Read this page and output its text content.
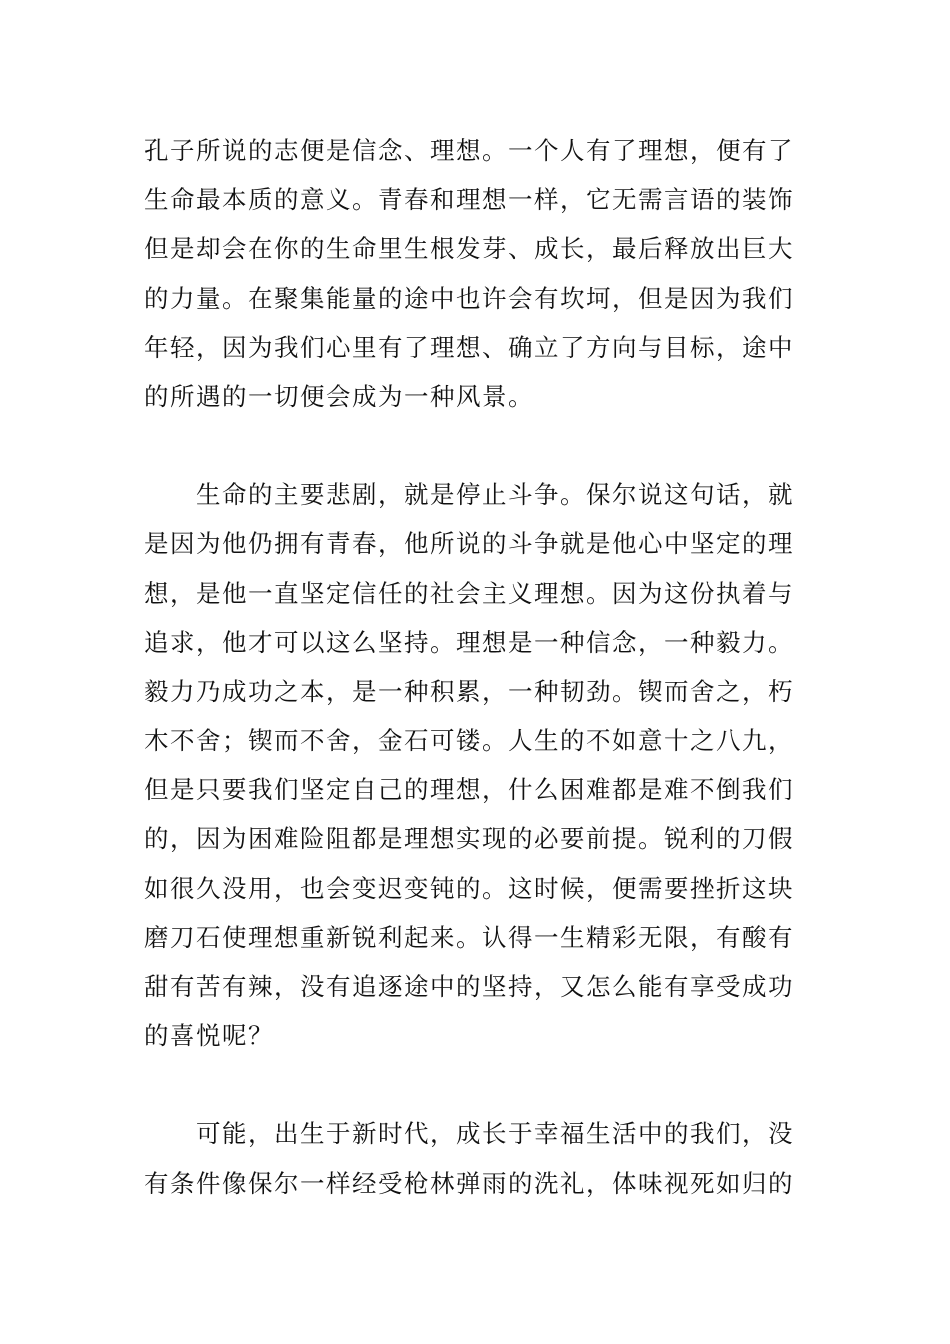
孔子所说的志便是信念、理想。一个人有了理想，便有了
生命最本质的意义。青春和理想一样，它无需言语的装饰
但是却会在你的生命里生根发芽、成长，最后释放出巨大
的力量。在聚集能量的途中也许会有坎坷，但是因为我们
年轻，因为我们心里有了理想、确立了方向与目标，途中
的所遇的一切便会成为一种风景。

　　生命的主要悲剧，就是停止斗争。保尔说这句话，就
是因为他仍拥有青春，他所说的斗争就是他心中坚定的理
想，是他一直坚定信任的社会主义理想。因为这份执着与
追求，他才可以这么坚持。理想是一种信念，一种毅力。
毅力乃成功之本，是一种积累，一种韧劲。锲而舍之，朽
木不舍；锲而不舍，金石可镂。人生的不如意十之八九，
但是只要我们坚定自己的理想，什么困难都是难不倒我们
的，因为困难险阻都是理想实现的必要前提。锐利的刀假
如很久没用，也会变迟变钝的。这时候，便需要挫折这块
磨刀石使理想重新锐利起来。认得一生精彩无限，有酸有
甜有苦有辣，没有追逐途中的坚持，又怎么能有享受成功
的喜悦呢？

　　可能，出生于新时代，成长于幸福生活中的我们，没
有条件像保尔一样经受枪林弹雨的洗礼，体味视死如归的
